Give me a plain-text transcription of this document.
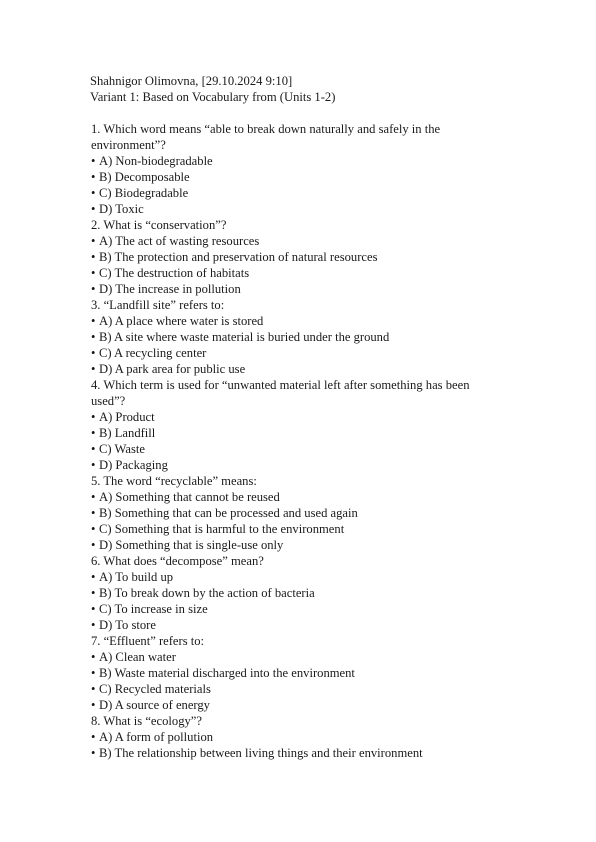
Shahnigor Olimovna, [29.10.2024 9:10]

Variant 1: Based on Vocabulary from (Units 1-2)

1. Which word means “able to break down naturally and safely in the environment”?

• A) Non-biodegradable

• B) Decomposable

• C) Biodegradable

• D) Toxic

2. What is “conservation”?

• A) The act of wasting resources

• B) The protection and preservation of natural resources

• C) The destruction of habitats

• D) The increase in pollution

3. “Landfill site” refers to:

• A) A place where water is stored

• B) A site where waste material is buried under the ground

• C) A recycling center

• D) A park area for public use

4. Which term is used for “unwanted material left after something has been used”?

• A) Product

• B) Landfill

• C) Waste

• D) Packaging

5. The word “recyclable” means:

• A) Something that cannot be reused

• B) Something that can be processed and used again

• C) Something that is harmful to the environment

• D) Something that is single-use only

6. What does “decompose” mean?

• A) To build up

• B) To break down by the action of bacteria

• C) To increase in size

• D) To store

7. “Effluent” refers to:

• A) Clean water

• B) Waste material discharged into the environment

• C) Recycled materials

• D) A source of energy

8. What is “ecology”?

• A) A form of pollution

• B) The relationship between living things and their environment
